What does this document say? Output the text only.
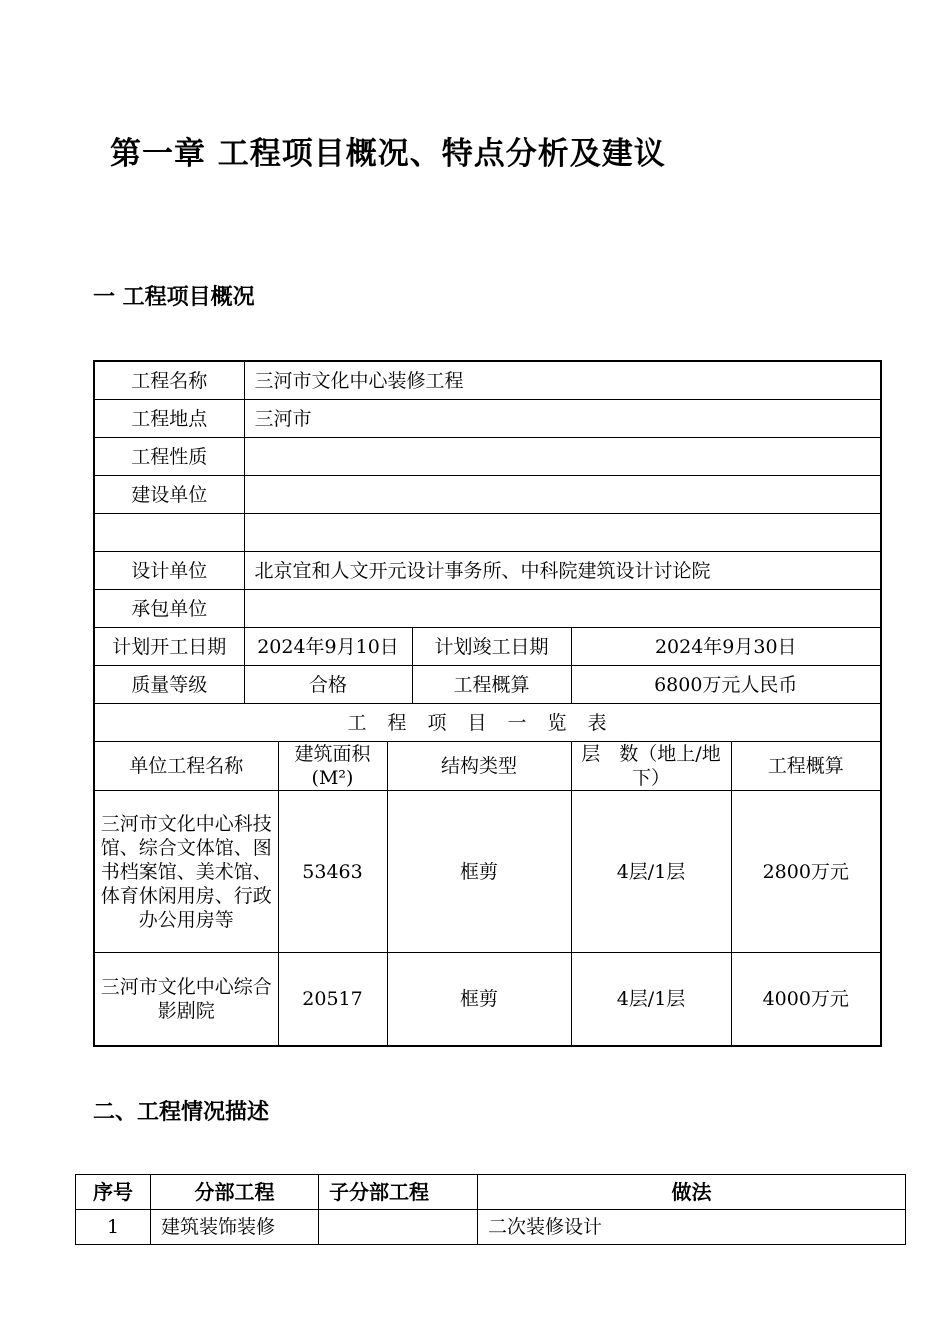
第一章 工程项目概况、特点分析及建议
一 工程项目概况
工程名称	三河市文化中心装修工程					
工程地点	三河市					
工程性质						
建设单位						

设计单位	北京宜和人文开元设计事务所、中科院建筑设计讨论院					
承包单位						
计划开工日期	2024年9月10日			计划竣工日期	2024年9月30日	
质量等级	合格			工程概算	6800万元人民币	
工程项目一览表						
单位工程名称		建筑面积(M²)	结构类型		层　数（地上/地下）	工程概算
三河市文化中心科技馆、综合文体馆、图书档案馆、美术馆、体育休闲用房、行政办公用房等		53463	框剪		4层/1层	2800万元
三河市文化中心综合影剧院		20517	框剪		4层/1层	4000万元
二、工程情况描述
序号	分部工程	子分部工程	做法
1	建筑装饰装修		二次装修设计
